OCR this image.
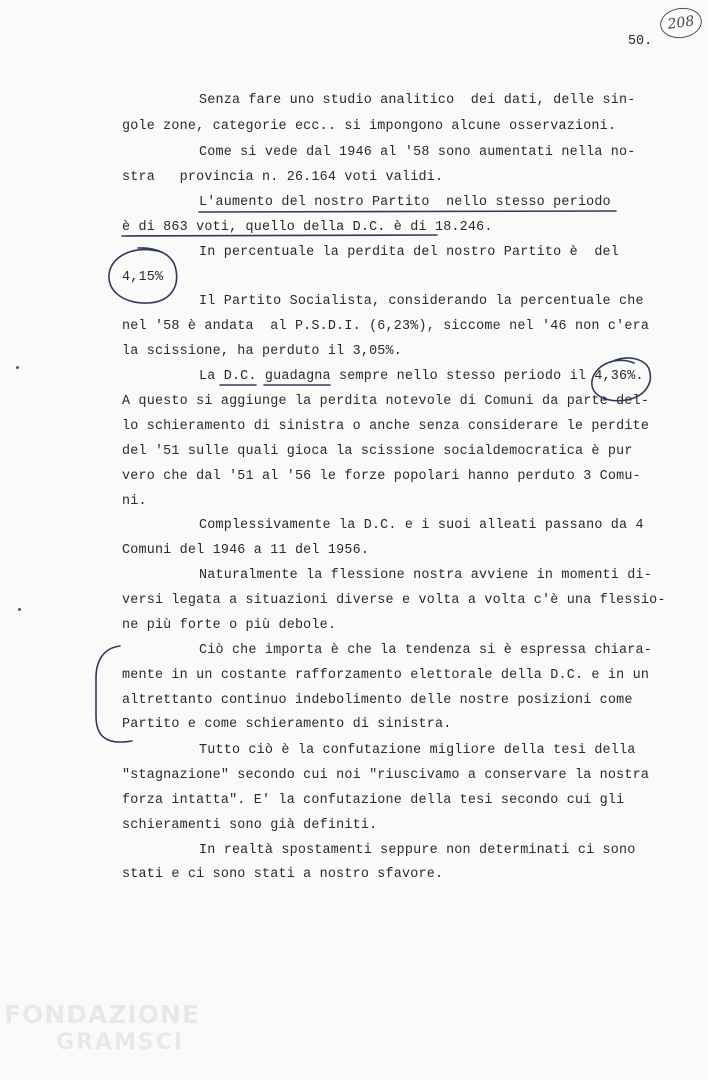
208
50.
Senza fare uno studio analitico  dei dati, delle sin-
gole zone, categorie ecc.. si impongono alcune osservazioni.
Come si vede dal 1946 al '58 sono aumentati nella no-
stra   provincia n. 26.164 voti validi.
L'aumento del nostro Partito  nello stesso periodo
è di 863 voti, quello della D.C. è di 18.246.
In percentuale la perdita del nostro Partito è  del
4,15%
Il Partito Socialista, considerando la percentuale che
nel '58 è andata  al P.S.D.I. (6,23%), siccome nel '46 non c'era
la scissione, ha perduto il 3,05%.
La D.C. guadagna sempre nello stesso periodo il 4,36%.
A questo si aggiunge la perdita notevole di Comuni da parte del-
lo schieramento di sinistra o anche senza considerare le perdite
del '51 sulle quali gioca la scissione socialdemocratica è pur
vero che dal '51 al '56 le forze popolari hanno perduto 3 Comu-
ni.
Complessivamente la D.C. e i suoi alleati passano da 4
Comuni del 1946 a 11 del 1956.
Naturalmente la flessione nostra avviene in momenti di-
versi legata a situazioni diverse e volta a volta c'è una flessio-
ne più forte o più debole.
Ciò che importa è che la tendenza si è espressa chiara-
mente in un costante rafforzamento elettorale della D.C. e in un
altrettanto continuo indebolimento delle nostre posizioni come
Partito e come schieramento di sinistra.
Tutto ciò è la confutazione migliore della tesi della
"stagnazione" secondo cui noi "riuscivamo a conservare la nostra
forza intatta". E' la confutazione della tesi secondo cui gli
schieramenti sono già definiti.
In realtà spostamenti seppure non determinati ci sono
stati e ci sono stati a nostro sfavore.
FONDAZIONE
GRAMSCI
